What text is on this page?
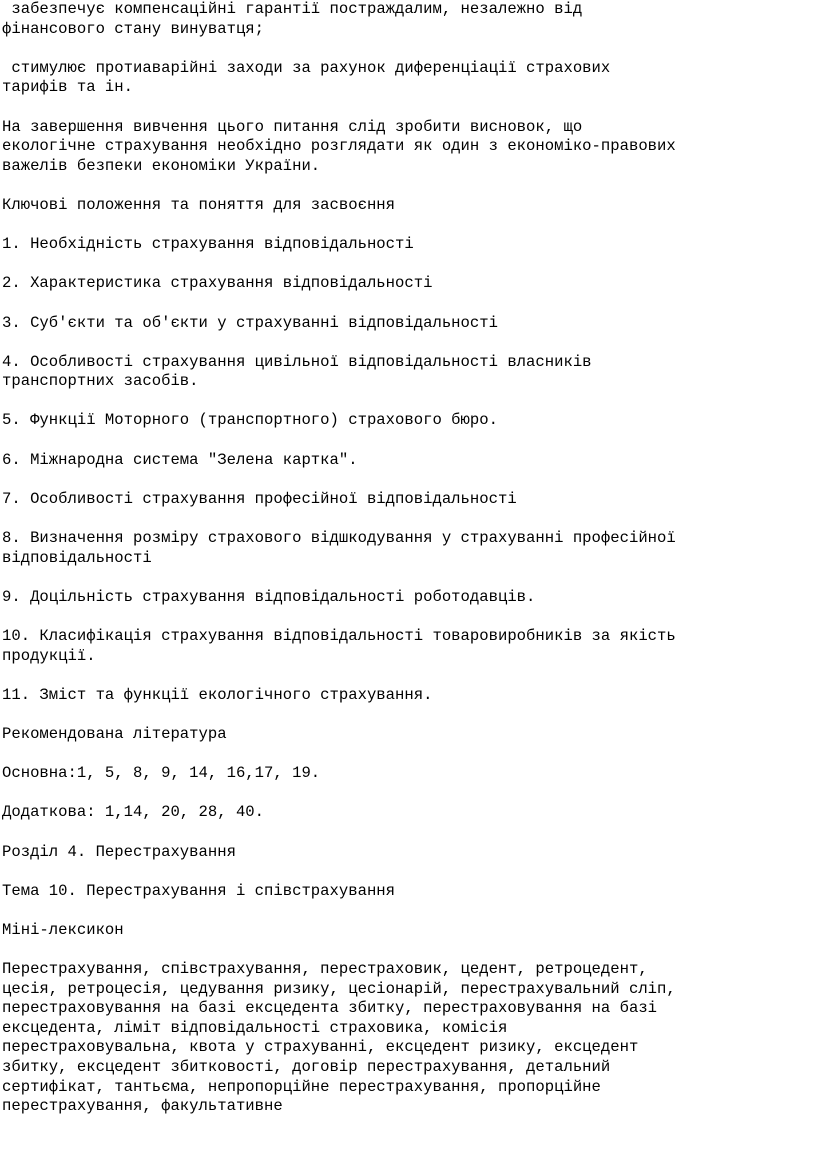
забезпечує компенсаційні гарантії постраждалим, незалежно від
фінансового стану винуватця;

стимулює протиаварійні заходи за рахунок диференціації страхових
тарифів та ін.

На завершення вивчення цього питання слід зробити висновок, що
екологічне страхування необхідно розглядати як один з економіко-правових
важелів безпеки економіки України.

Ключові положення та поняття для засвоєння

1. Необхідність страхування відповідальності

2. Характеристика страхування відповідальності

3. Суб'єкти та об'єкти у страхуванні відповідальності

4. Особливості страхування цивільної відповідальності власників
транспортних засобів.

5. Функції Моторного (транспортного) страхового бюро.

6. Міжнародна система "Зелена картка".

7. Особливості страхування професійної відповідальності

8. Визначення розміру страхового відшкодування у страхуванні професійної
відповідальності

9. Доцільність страхування відповідальності роботодавців.

10. Класифікація страхування відповідальності товаровиробників за якість
продукції.

11. Зміст та функції екологічного страхування.

Рекомендована література

Основна:1, 5, 8, 9, 14, 16,17, 19.

Додаткова: 1,14, 20, 28, 40.

Розділ 4. Перестрахування

Тема 10. Перестрахування і співстрахування

Міні-лексикон

Перестрахування, співстрахування, перестраховик, цедент, ретроцедент,
цесія, ретроцесія, цедування ризику, цесіонарій, перестрахувальний сліп,
перестраховування на базі ексцедента збитку, перестраховування на базі
ексцедента, ліміт відповідальності страховика, комісія
перестраховувальна, квота у страхуванні, ексцедент ризику, ексцедент
збитку, ексцедент збитковості, договір перестрахування, детальний
сертифікат, тантьєма, непропорційне перестрахування, пропорційне
перестрахування, факультативне
